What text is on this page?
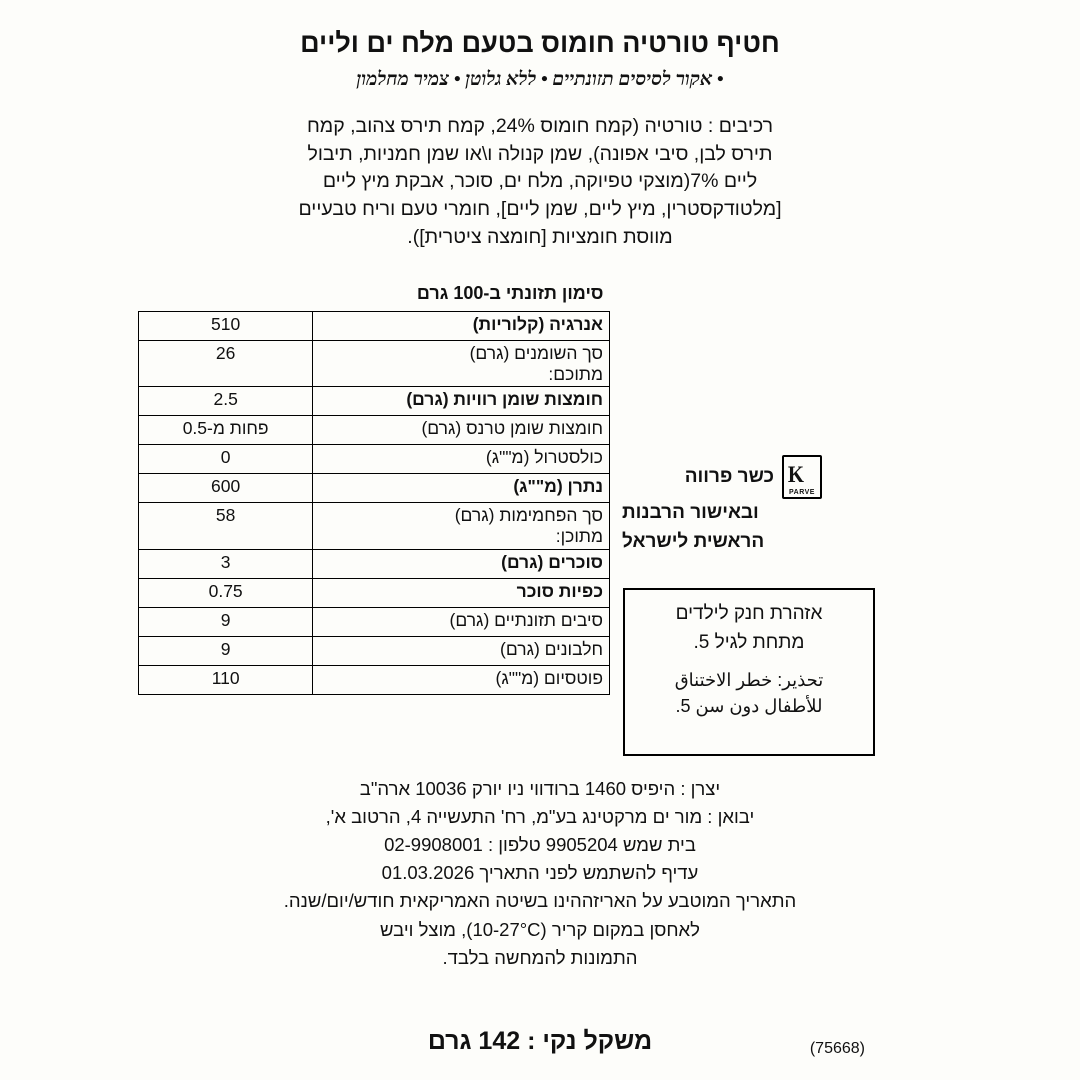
חטיף טורטיה חומוס בטעם מלח ים וליים
• אקור לסיסים תזונתיים • ללא גלוטן • צמיר מחלמון
רכיבים : טורטיה (קמח חומוס 24%, קמח תירס צהוב, קמח
תירס לבן, סיבי אפונה), שמן קנולה ו\או שמן חמניות, תיבול
ליים 7%(מוצקי טפיוקה, מלח ים, סוכר, אבקת מיץ ליים
[מלטודקסטרין, מיץ ליים, שמן ליים], חומרי טעם וריח טבעיים
מווסת חומציות [חומצה ציטרית]).
סימון תזונתי ב-100 גרם	
אנרגיה (קלוריות)	510
סך השומנים (גרם)
מתוכם:	26
חומצות שומן רוויות (גרם)	2.5
חומצות שומן טרנס (גרם)	פחות מ-0.5
כולסטרול (מ""ג)	0
נתרן (מ""ג)	600
סך הפחמימות (גרם)
מתוכן:	58
סוכרים (גרם)	3
כפיות סוכר	0.75
סיבים תזונתיים (גרם)	9
חלבונים (גרם)	9
פוטסיום (מ""ג)	110
K
PARVE
כשר פרווה
ובאישור הרבנות
הראשית לישראל
אזהרת חנק לילדים
מתחת לגיל 5.
تحذير: خطر الاختناق
للأطفال دون سن 5.
יצרן : היפיס 1460 ברודווי ניו יורק 10036 ארה"ב
יבואן : מור ים מרקטינג בע"מ, רח' התעשייה 4, הרטוב א',
בית שמש 9905204 טלפון : 02-9908001
עדיף להשתמש לפני התאריך 01.03.2026
התאריך המוטבע על האריזההינו בשיטה האמריקאית חודש/יום/שנה.
לאחסן במקום קריר (10-27°C), מוצל ויבש
התמונות להמחשה בלבד.
משקל נקי : 142 גרם	(75668)
